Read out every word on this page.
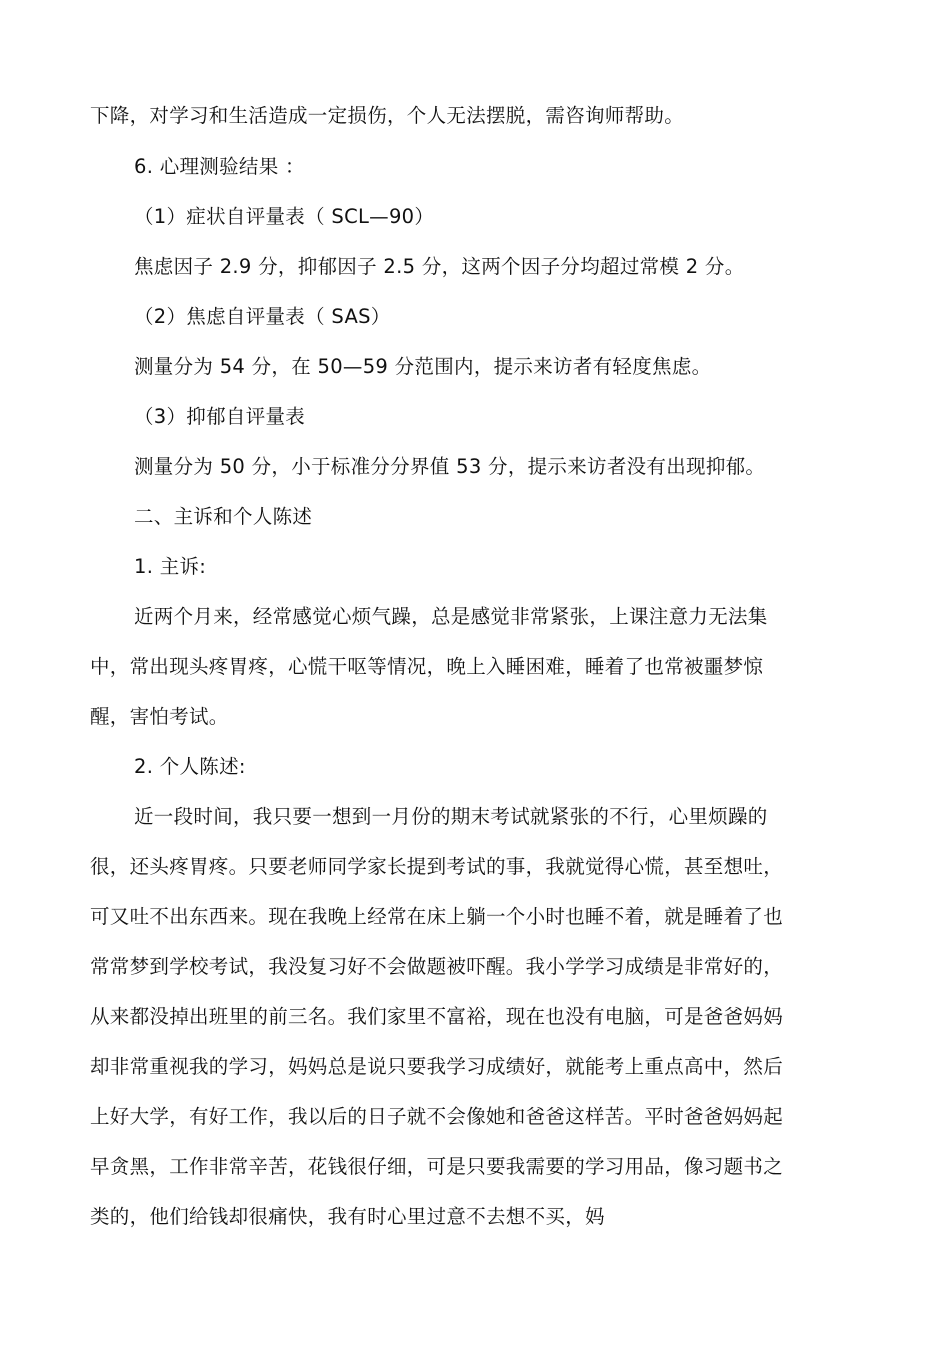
下降，对学习和生活造成一定损伤，个人无法摆脱，需咨询师帮助。
6. 心理测验结果 ：
（1）症状自评量表（ SCL—90）
焦虑因子 2.9 分，抑郁因子 2.5 分，这两个因子分均超过常模 2 分。
（2）焦虑自评量表（ SAS）
测量分为 54 分，在 50—59 分范围内，提示来访者有轻度焦虑。
（3）抑郁自评量表
测量分为 50 分，小于标准分分界值 53 分，提示来访者没有出现抑郁。
二、主诉和个人陈述
1. 主诉:

近两个月来，经常感觉心烦气躁，总是感觉非常紧张，上课注意力无法集中，常出现头疼胃疼，心慌干呕等情况，晚上入睡困难，睡着了也常被噩梦惊醒，害怕考试。

2. 个人陈述:

近一段时间，我只要一想到一月份的期末考试就紧张的不行，心里烦躁的很，还头疼胃疼。只要老师同学家长提到考试的事，我就觉得心慌，甚至想吐，可又吐不出东西来。现在我晚上经常在床上躺一个小时也睡不着，就是睡着了也常常梦到学校考试，我没复习好不会做题被吓醒。我小学学习成绩是非常好的，从来都没掉出班里的前三名。我们家里不富裕，现在也没有电脑，可是爸爸妈妈却非常重视我的学习，妈妈总是说只要我学习成绩好，就能考上重点高中，然后上好大学，有好工作，我以后的日子就不会像她和爸爸这样苦。平时爸爸妈妈起早贪黑，工作非常辛苦，花钱很仔细，可是只要我需要的学习用品，像习题书之类的，他们给钱却很痛快，我有时心里过意不去想不买，妈
